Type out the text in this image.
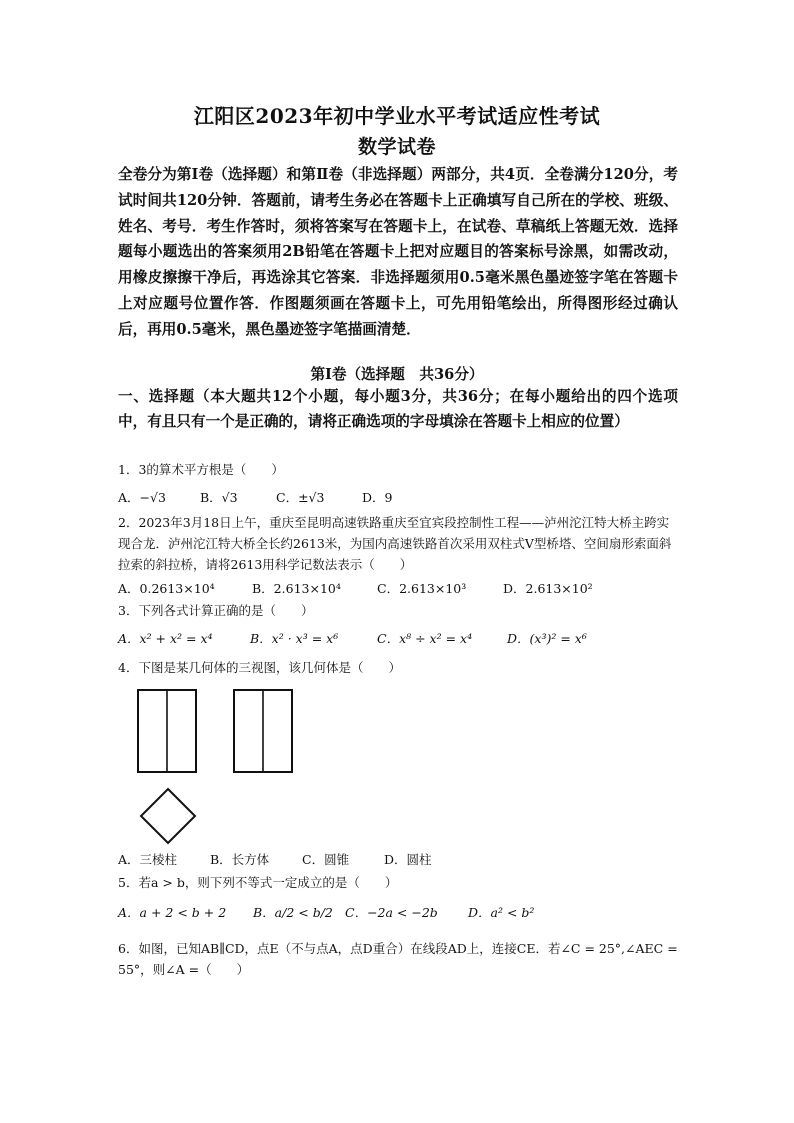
江阳区2023年初中学业水平考试适应性考试
数学试卷
全卷分为第Ⅰ卷（选择题）和第Ⅱ卷（非选择题）两部分，共4页．全卷满分120分，考试时间共120分钟．答题前，请考生务必在答题卡上正确填写自己所在的学校、班级、姓名、考号．考生作答时，须将答案写在答题卡上，在试卷、草稿纸上答题无效．选择题每小题选出的答案须用2B铅笔在答题卡上把对应题目的答案标号涂黑，如需改动，用橡皮擦擦干净后，再选涂其它答案．非选择题须用0.5毫米黑色墨迹签字笔在答题卡上对应题号位置作答．作图题须画在答题卡上，可先用铅笔绘出，所得图形经过确认后，再用0.5毫米，黑色墨迹签字笔描画清楚．
第Ⅰ卷（选择题　共36分）
一、选择题（本大题共12个小题，每小题3分，共36分；在每小题给出的四个选项中，有且只有一个是正确的，请将正确选项的字母填涂在答题卡上相应的位置）
1．3的算术平方根是（　　）
A．−√3	B．√3	C．±√3	D．9
2．2023年3月18日上午，重庆至昆明高速铁路重庆至宜宾段控制性工程——泸州沱江特大桥主跨实现合龙．泸州沱江特大桥全长约2613米，为国内高速铁路首次采用双柱式V型桥塔、空间扇形索面斜拉索的斜拉桥，请将2613用科学记数法表示（　　）
A．0.2613×10⁴	B．2.613×10⁴	C．2.613×10³	D．2.613×10²
3．下列各式计算正确的是（　　）
A．x² + x² = x⁴	B．x² · x³ = x⁶	C．x⁸ ÷ x² = x⁴	D．(x³)² = x⁶
4．下图是某几何体的三视图，该几何体是（　　）
A．三棱柱	B．长方体	C．圆锥	D．圆柱
5．若a > b，则下列不等式一定成立的是（　　）
A．a + 2 < b + 2 B．a/2 < b/2 C．−2a < −2b D．a² < b²
6．如图，已知AB∥CD，点E（不与点A，点D重合）在线段AD上，连接CE．若∠C = 25°,∠AEC = 55°，则∠A =（　　）
